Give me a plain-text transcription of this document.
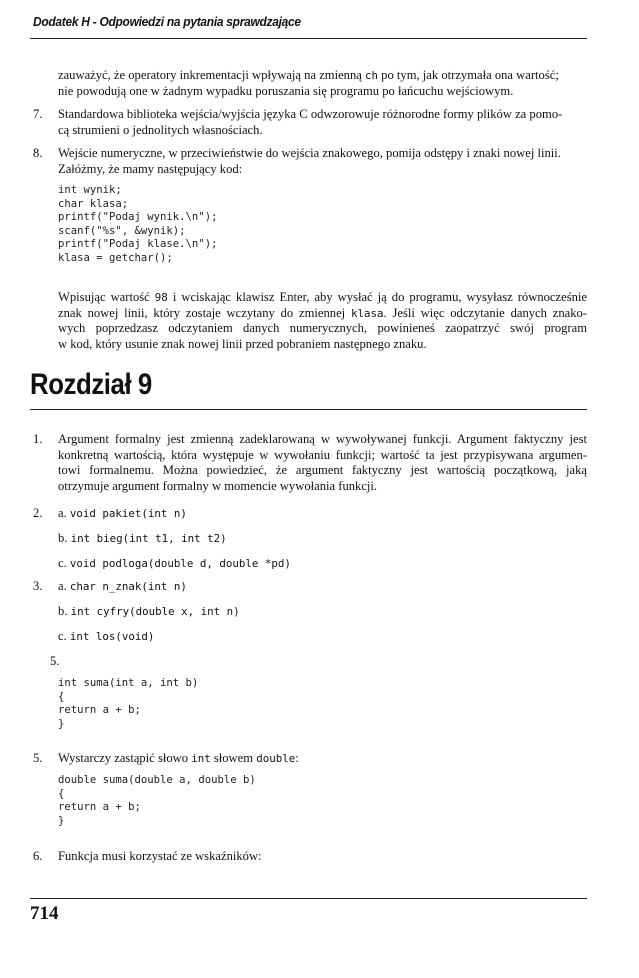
Dodatek H - Odpowiedzi na pytania sprawdzające
zauważyć, że operatory inkrementacji wpływają na zmienną ch po tym, jak otrzymała ona wartość;
nie powodują one w żadnym wypadku poruszania się programu po łańcuchu wejściowym.
7. Standardowa biblioteka wejścia/wyjścia języka C odwzorowuje różnorodne formy plików za pomo-
cą strumieni o jednolitych własnościach.
8. Wejście numeryczne, w przeciwieństwie do wejścia znakowego, pomija odstępy i znaki nowej linii.
Załóżmy, że mamy następujący kod:
int wynik;
char klasa;
printf("Podaj wynik.\n");
scanf("%s", &wynik);
printf("Podaj klase.\n");
klasa = getchar();
Wpisując wartość 98 i wciskając klawisz Enter, aby wysłać ją do programu, wysyłasz równocześnie
znak nowej linii, który zostaje wczytany do zmiennej klasa. Jeśli więc odczytanie danych znako-
wych poprzedzasz odczytaniem danych numerycznych, powinieneś zaopatrzyć swój program
w kod, który usunie znak nowej linii przed pobraniem następnego znaku.
Rozdział 9
1. Argument formalny jest zmienną zadeklarowaną w wywoływanej funkcji. Argument faktyczny jest
konkretną wartością, która występuje w wywołaniu funkcji; wartość ta jest przypisywana argumen-
towi formalnemu. Można powiedzieć, że argument faktyczny jest wartością początkową, jaką
otrzymuje argument formalny w momencie wywołania funkcji.
2. a. void pakiet(int n)
b. int bieg(int t1, int t2)
c. void podloga(double d, double *pd)
3. a. char n_znak(int n)
b. int cyfry(double x, int n)
c. int los(void)
5.
int suma(int a, int b)
{
return a + b;
}
5. Wystarczy zastąpić słowo int słowem double:
double suma(double a, double b)
{
return a + b;
}
6. Funkcja musi korzystać ze wskaźników:
714
